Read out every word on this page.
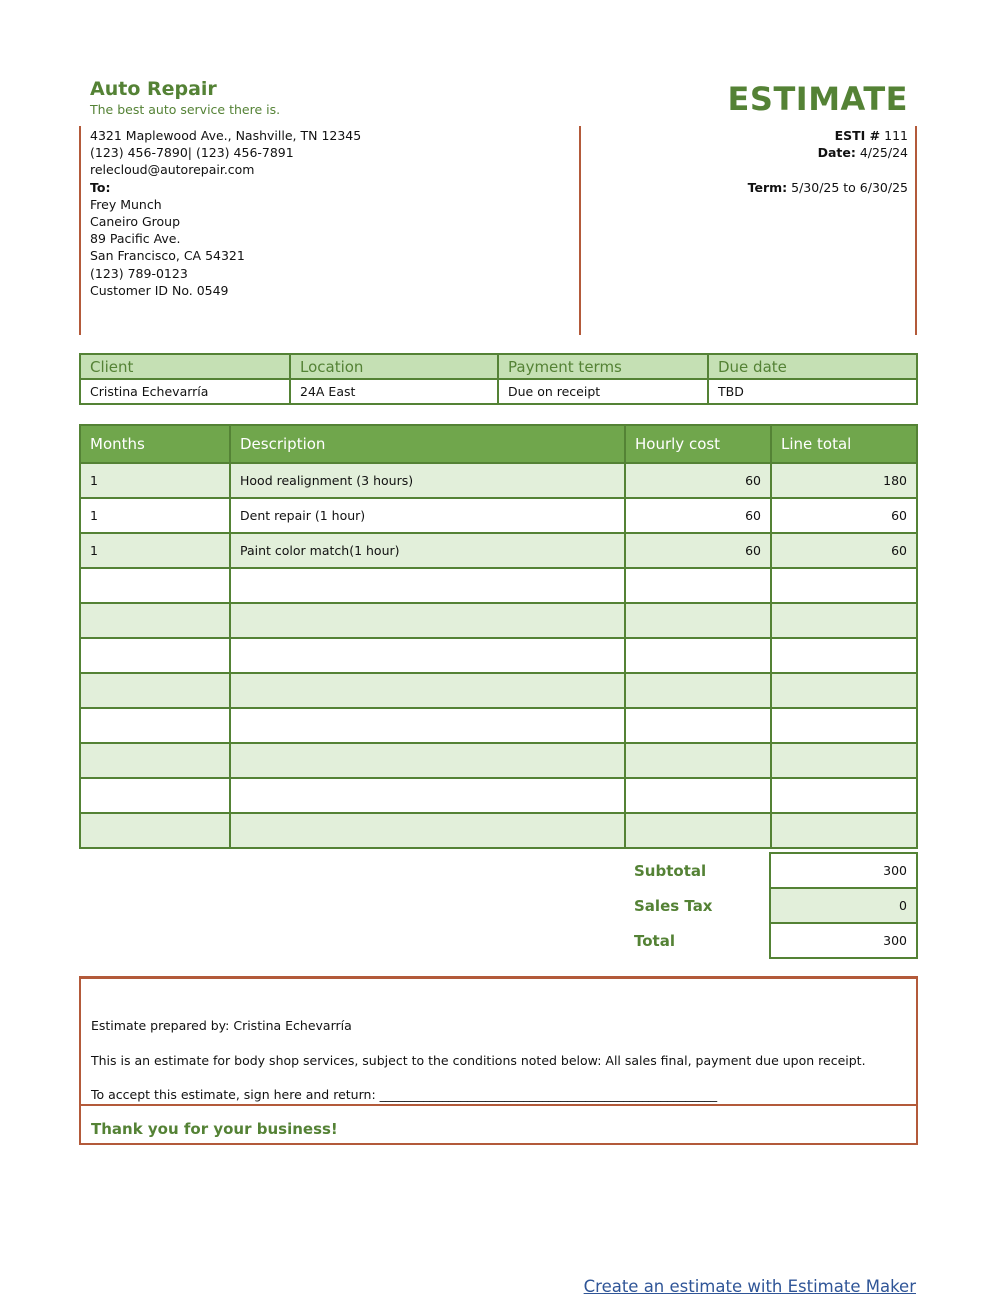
Auto Repair
The best auto service there is.	ESTIMATE
4321 Maplewood Ave., Nashville, TN 12345
(123) 456-7890| (123) 456-7891
relecloud@autorepair.com
To:
Frey Munch
Caneiro Group
89 Pacific Ave.
San Francisco, CA 54321
(123) 789-0123
Customer ID No. 0549
ESTI # 111
Date: 4/25/24
Term: 5/30/25 to 6/30/25
Client	Location	Payment terms	Due date
Cristina Echevarría	24A East	Due on receipt	TBD
Months	Description	Hourly cost	Line total
1	Hood realignment (3 hours)	60	180
1	Dent repair (1 hour)	60	60
1	Paint color match(1 hour)	60	60

Subtotal	300
Sales Tax	0
Total	300
Estimate prepared by: Cristina Echevarría
This is an estimate for body shop services, subject to the conditions noted below: All sales final, payment due upon receipt.
To accept this estimate, sign here and return: ______________________________________________________
Thank you for your business!
Create an estimate with Estimate Maker
